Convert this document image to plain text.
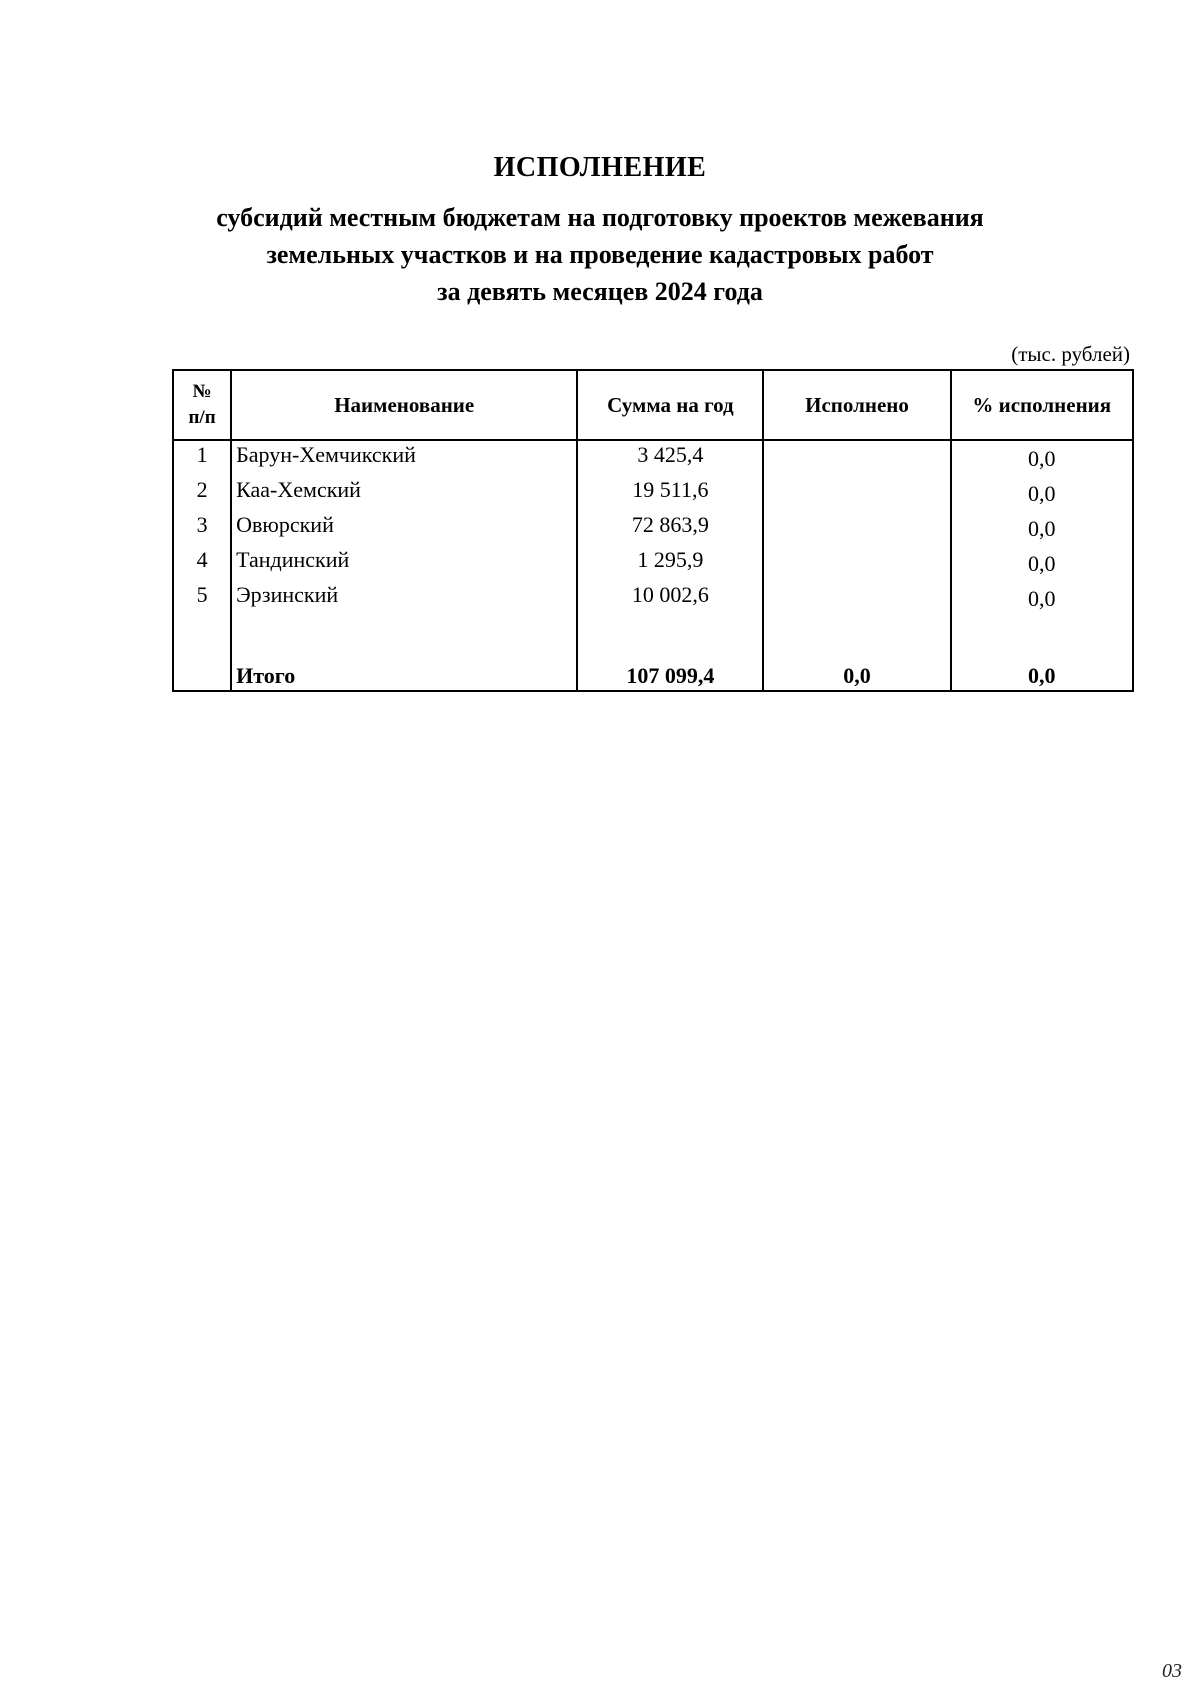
ИСПОЛНЕНИЕ
субсидий местным бюджетам на подготовку проектов межевания
земельных участков и на проведение кадастровых работ
за девять месяцев 2024 года
(тыс. рублей)
№
п/п	Наименование	Сумма на год	Исполнено	% исполнения
1	Барун-Хемчикский	3 425,4		0,0
2	Каа-Хемский	19 511,6		0,0
3	Овюрский	72 863,9		0,0
4	Тандинский	1 295,9		0,0
5	Эрзинский	10 002,6		0,0

	Итого	107 099,4	0,0	0,0
03
